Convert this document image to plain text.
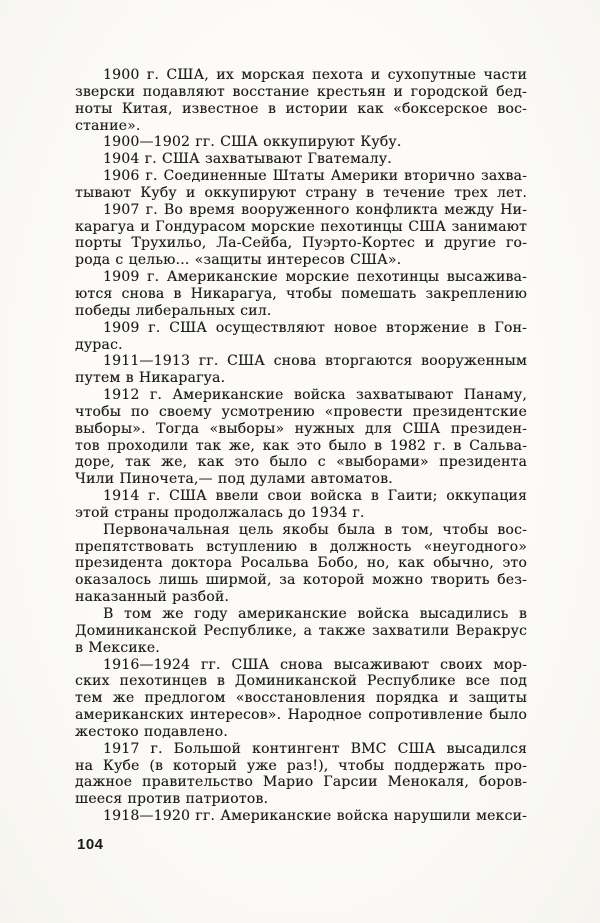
1900 г. США, их морская пехота и сухопутные части
зверски подавляют восстание крестьян и городской бед-
ноты Китая, известное в истории как «боксерское вос-
стание».
1900—1902 гг. США оккупируют Кубу.
1904 г. США захватывают Гватемалу.
1906 г. Соединенные Штаты Америки вторично захва-
тывают Кубу и оккупируют страну в течение трех лет.
1907 г. Во время вооруженного конфликта между Ни-
карагуа и Гондурасом морские пехотинцы США занимают
порты Трухильо, Ла-Сейба, Пуэрто-Кортес и другие го-
рода с целью... «защиты интересов США».
1909 г. Американские морские пехотинцы высажива-
ются снова в Никарагуа, чтобы помешать закреплению
победы либеральных сил.
1909 г. США осуществляют новое вторжение в Гон-
дурас.
1911—1913 гг. США снова вторгаются вооруженным
путем в Никарагуа.
1912 г. Американские войска захватывают Панаму,
чтобы по своему усмотрению «провести президентские
выборы». Тогда «выборы» нужных для США президен-
тов проходили так же, как это было в 1982 г. в Сальва-
доре, так же, как это было с «выборами» президента
Чили Пиночета,— под дулами автоматов.
1914 г. США ввели свои войска в Гаити; оккупация
этой страны продолжалась до 1934 г.
Первоначальная цель якобы была в том, чтобы вос-
препятствовать вступлению в должность «неугодного»
президента доктора Росальва Бобо, но, как обычно, это
оказалось лишь ширмой, за которой можно творить без-
наказанный разбой.
В том же году американские войска высадились в
Доминиканской Республике, а также захватили Веракрус
в Мексике.
1916—1924 гг. США снова высаживают своих мор-
ских пехотинцев в Доминиканской Республике все под
тем же предлогом «восстановления порядка и защиты
американских интересов». Народное сопротивление было
жестоко подавлено.
1917 г. Большой контингент ВМС США высадился
на Кубе (в который уже раз!), чтобы поддержать про-
дажное правительство Марио Гарсии Менокаля, боров-
шееся против патриотов.
1918—1920 гг. Американские войска нарушили мекси-
104
